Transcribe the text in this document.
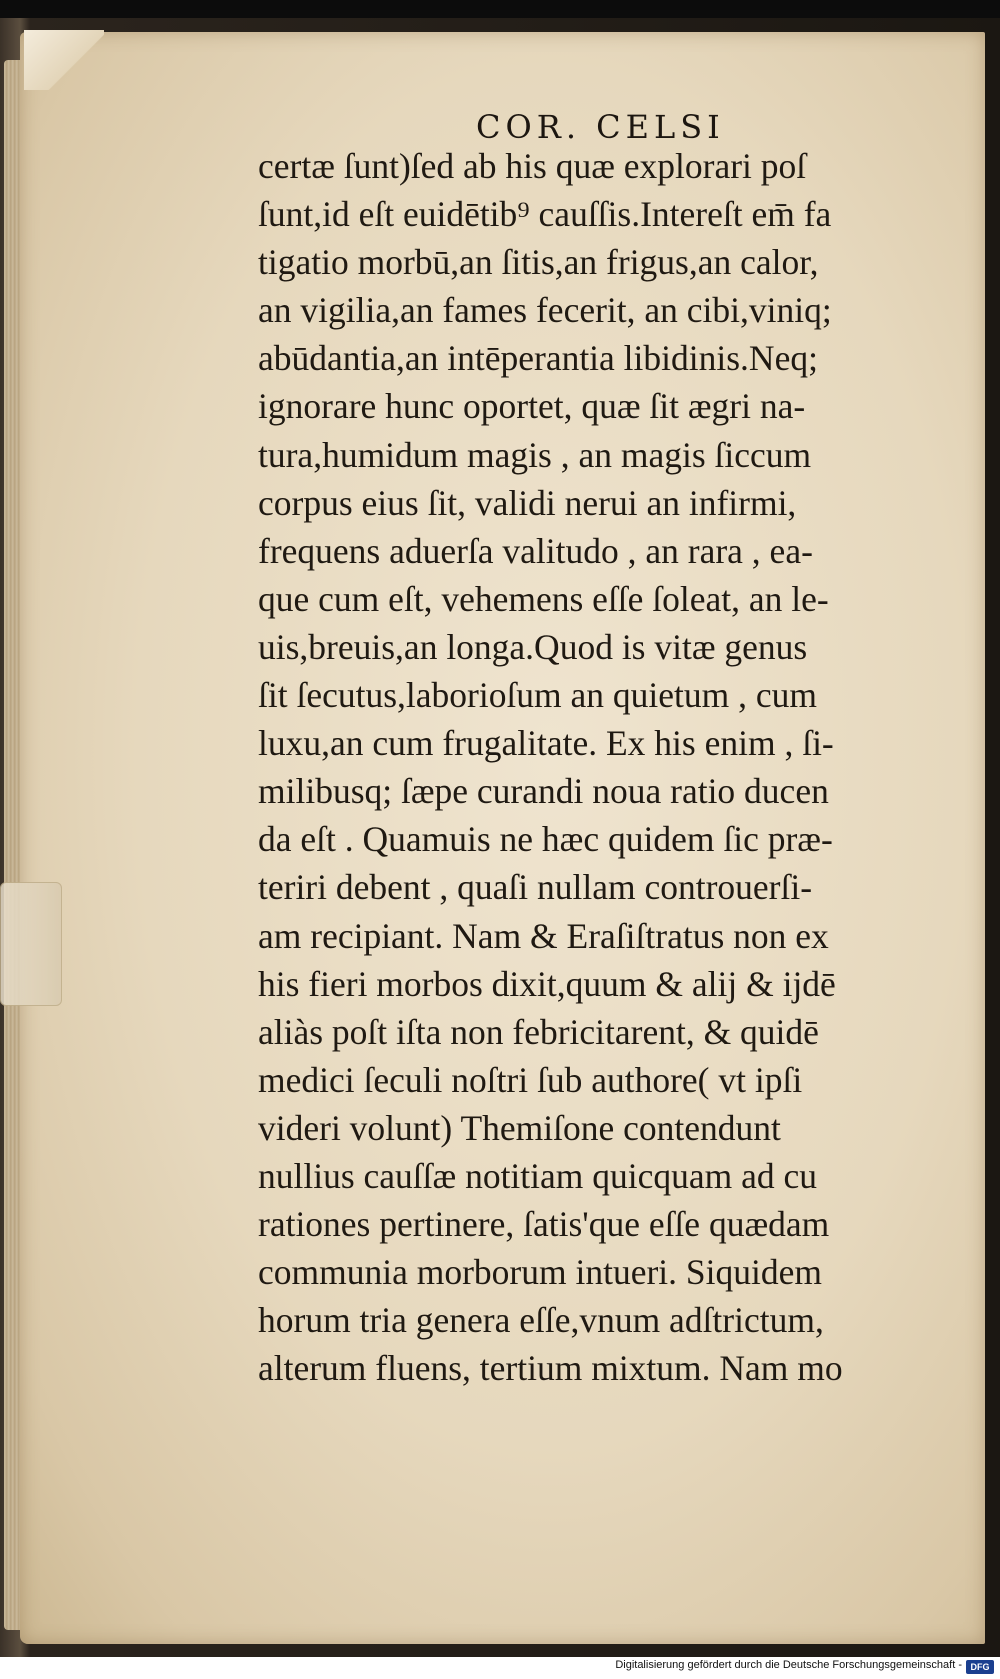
COR. CELSI
certæ ſunt)ſed ab his quæ explorari poſ
ſunt,id eſt euidētib⁹ cauſſis.Intereſt em̄ fa
tigatio morbū,an ſitis,an frigus,an calor,
an vigilia,an fames fecerit, an cibi,viniq;
abūdantia,an intēperantia libidinis.Neq;
ignorare hunc oportet, quæ ſit ægri na-
tura,humidum magis , an magis ſiccum
corpus eius ſit, validi nerui an infirmi,
frequens aduerſa valitudo , an rara , ea-
que cum eſt, vehemens eſſe ſoleat, an le-
uis,breuis,an longa.Quod is vitæ genus
ſit ſecutus,laborioſum an quietum , cum
luxu,an cum frugalitate. Ex his enim , ſi-
milibusq; ſæpe curandi noua ratio ducen
da eſt . Quamuis ne hæc quidem ſic præ-
teriri debent , quaſi nullam controuerſi-
am recipiant. Nam & Eraſiſtratus non ex
his fieri morbos dixit,quum & alij & ijdē
aliàs poſt iſta non febricitarent, & quidē
medici ſeculi noſtri ſub authore( vt ipſi
videri volunt) Themiſone contendunt
nullius cauſſæ notitiam quicquam ad cu
rationes pertinere, ſatis'que eſſe quædam
communia morborum intueri. Siquidem
horum tria genera eſſe,vnum adſtrictum,
alterum fluens, tertium mixtum. Nam mo
Digitalisierung gefördert durch die Deutsche Forschungsgemeinschaft - DFG
